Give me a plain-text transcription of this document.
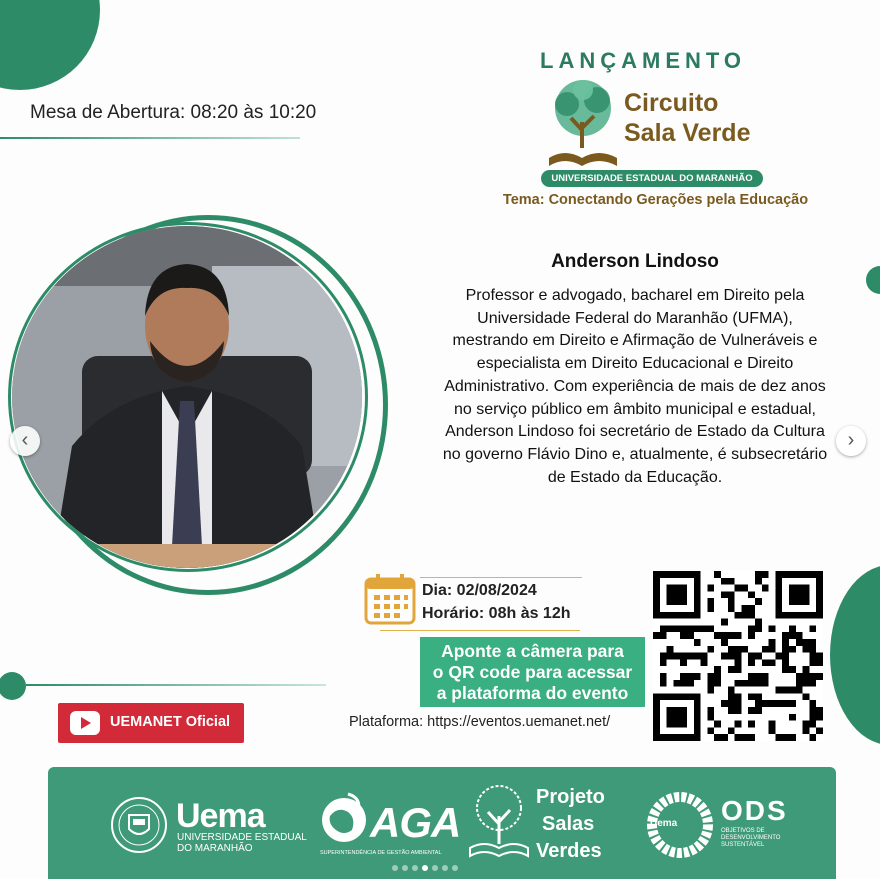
Mesa de Abertura: 08:20 às 10:20
LANÇAMENTO
Circuito
Sala Verde
UNIVERSIDADE ESTADUAL DO MARANHÃO
Tema: Conectando Gerações pela Educação
‹	›
Anderson Lindoso
Professor e advogado, bacharel em Direito pela Universidade Federal do Maranhão (UFMA), mestrando em Direito e Afirmação de Vulneráveis e especialista em Direito Educacional e Direito Administrativo. Com experiência de mais de dez anos no serviço público em âmbito municipal e estadual, Anderson Lindoso foi secretário de Estado da Cultura no governo Flávio Dino e, atualmente, é subsecretário de Estado da Educação.
Dia: 02/08/2024
Horário: 08h às 12h
Aponte a câmera para
o QR code para acessar
a plataforma do evento
Plataforma: https://eventos.uemanet.net/
UEMANET Oficial
Uema
UNIVERSIDADE ESTADUAL
DO MARANHÃO
AGA
SUPERINTENDÊNCIA DE GESTÃO AMBIENTAL
Projeto
Salas
Verdes
Uema ODS
OBJETIVOS DE
DESENVOLVIMENTO
SUSTENTÁVEL
